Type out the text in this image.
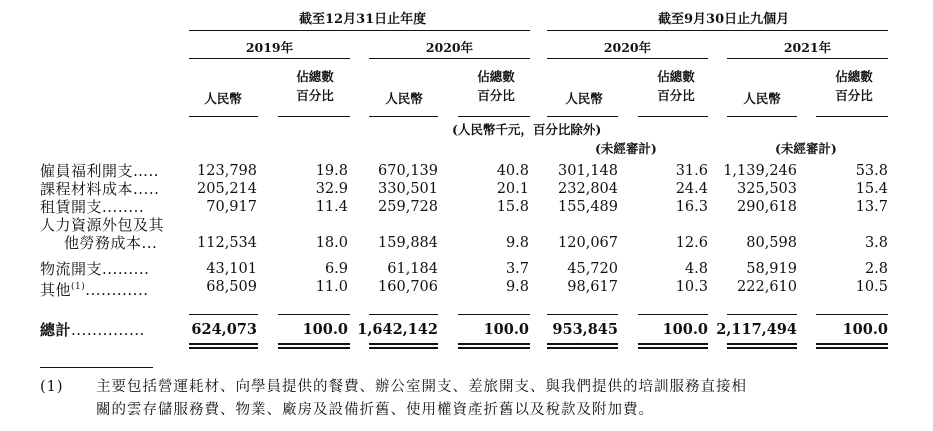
截至12月31日止年度	截至9月30日止九個月
2019年	2020年	2020年	2021年
人民幣
佔總數
百分比	人民幣
佔總數
百分比	人民幣
佔總數
百分比	人民幣
佔總數
百分比
(人民幣千元，百分比除外)
(未經審計)	(未經審計)
僱員福利開支…..	123,798	19.8 670,139	40.8 301,148	31.6 1,139,246	53.8
課程材料成本.....	205,214	32.9 330,501	20.1 232,804	24.4 325,503	15.4
租賃開支........	70,917	11.4 259,728	15.8 155,489	16.3 290,618	13.7
人力資源外包及其
他勞務成本...	112,534	18.0 159,884	9.8 120,067	12.6	80,598	3.8
物流開支.........	43,101	6.9	61,184	3.7	45,720	4.8	58,919	2.8
其他$^{(1)}$............	68,509	11.0 160,706	9.8	98,617	10.3 222,610	10.5
總計..............	624,073	100.0 1,642,142	100.0 953,845	100.0 2,117,494	100.0
(1) 主要包括營運耗材、向學員提供的餐費、辦公室開支、差旅開支、與我們提供的培訓服務直接相
關的雲存儲服務費、物業、廠房及設備折舊、使用權資產折舊以及稅款及附加費。
